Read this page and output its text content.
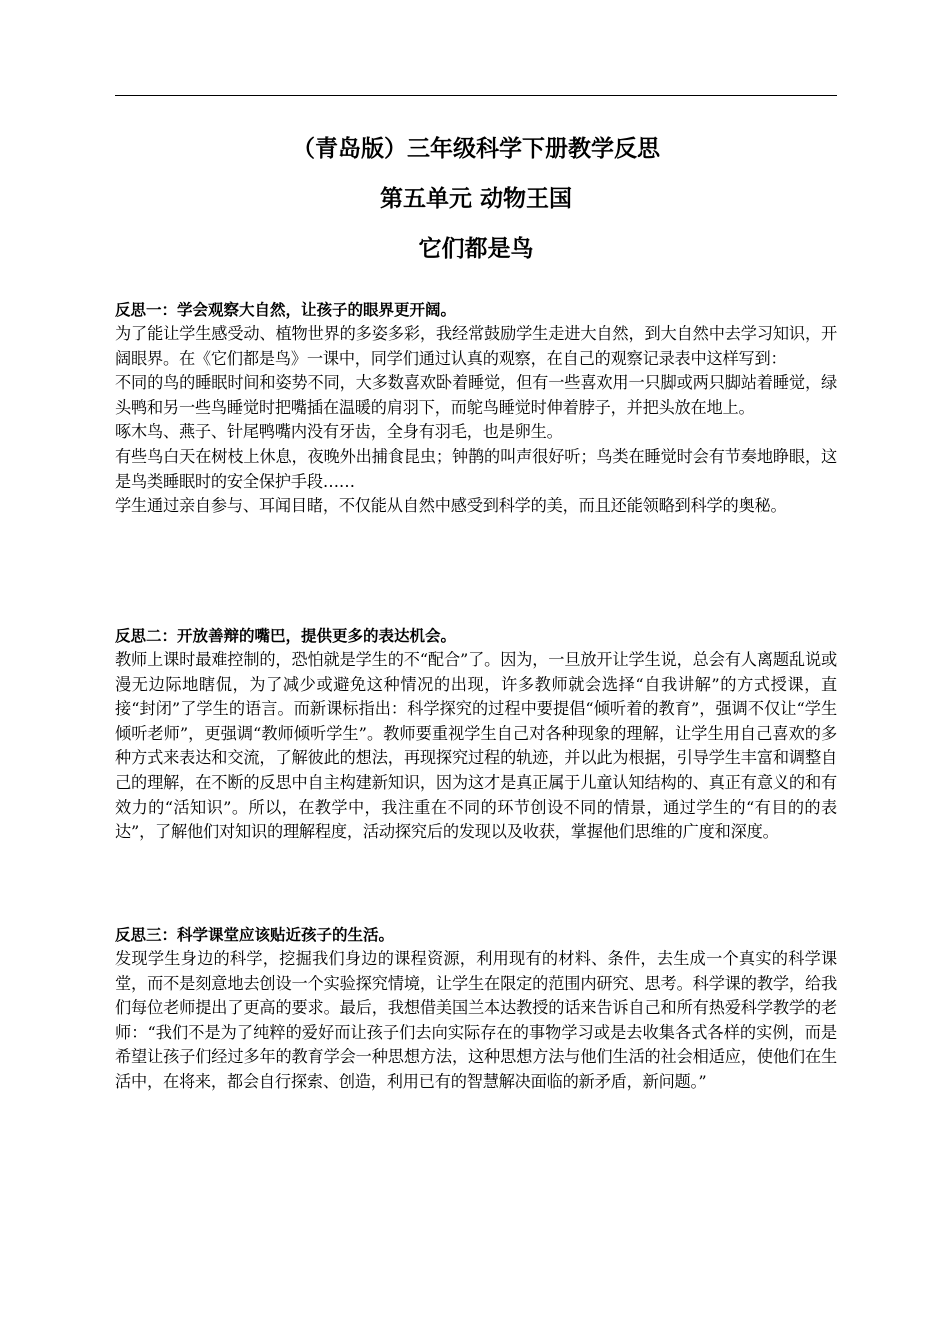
（青岛版）三年级科学下册教学反思
第五单元 动物王国
它们都是鸟

反思一：学会观察大自然，让孩子的眼界更开阔。

为了能让学生感受动、植物世界的多姿多彩，我经常鼓励学生走进大自然，到大自然中去学习知识，开阔眼界。在《它们都是鸟》一课中，同学们通过认真的观察，在自己的观察记录表中这样写到：

不同的鸟的睡眠时间和姿势不同，大多数喜欢卧着睡觉，但有一些喜欢用一只脚或两只脚站着睡觉，绿头鸭和另一些鸟睡觉时把嘴插在温暖的肩羽下，而鸵鸟睡觉时伸着脖子，并把头放在地上。

啄木鸟、燕子、针尾鸭嘴内没有牙齿，全身有羽毛，也是卵生。

有些鸟白天在树枝上休息，夜晚外出捕食昆虫；钟鹊的叫声很好听；鸟类在睡觉时会有节奏地睁眼，这是鸟类睡眠时的安全保护手段……

学生通过亲自参与、耳闻目睹，不仅能从自然中感受到科学的美，而且还能领略到科学的奥秘。

反思二：开放善辩的嘴巴，提供更多的表达机会。

教师上课时最难控制的，恐怕就是学生的不“配合”了。因为，一旦放开让学生说，总会有人离题乱说或漫无边际地瞎侃，为了减少或避免这种情况的出现，许多教师就会选择“自我讲解”的方式授课，直接“封闭”了学生的语言。而新课标指出：科学探究的过程中要提倡“倾听着的教育”，强调不仅让“学生倾听老师”，更强调“教师倾听学生”。教师要重视学生自己对各种现象的理解，让学生用自己喜欢的多种方式来表达和交流，了解彼此的想法，再现探究过程的轨迹，并以此为根据，引导学生丰富和调整自己的理解，在不断的反思中自主构建新知识，因为这才是真正属于儿童认知结构的、真正有意义的和有效力的“活知识”。所以，在教学中，我注重在不同的环节创设不同的情景，通过学生的“有目的的表达”，了解他们对知识的理解程度，活动探究后的发现以及收获，掌握他们思维的广度和深度。

反思三：科学课堂应该贴近孩子的生活。

发现学生身边的科学，挖掘我们身边的课程资源，利用现有的材料、条件，去生成一个真实的科学课堂，而不是刻意地去创设一个实验探究情境，让学生在限定的范围内研究、思考。科学课的教学，给我们每位老师提出了更高的要求。最后，我想借美国兰本达教授的话来告诉自己和所有热爱科学教学的老师：“我们不是为了纯粹的爱好而让孩子们去向实际存在的事物学习或是去收集各式各样的实例，而是希望让孩子们经过多年的教育学会一种思想方法，这种思想方法与他们生活的社会相适应，使他们在生活中，在将来，都会自行探索、创造，利用已有的智慧解决面临的新矛盾，新问题。”
